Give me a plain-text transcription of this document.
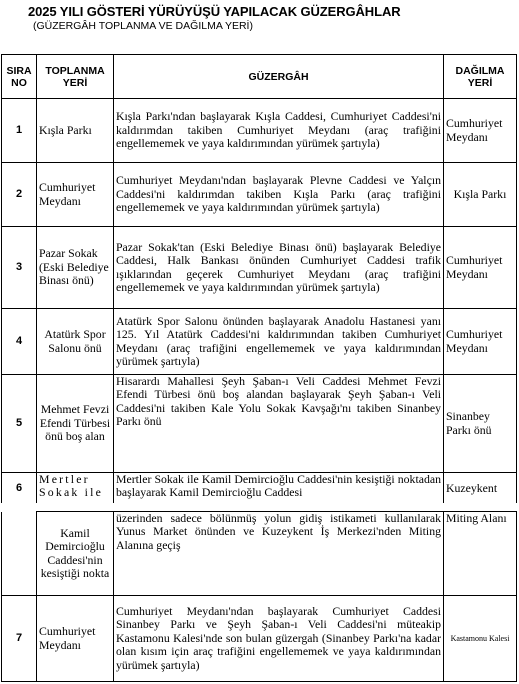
2025 YILI GÖSTERİ YÜRÜYÜŞÜ YAPILACAK GÜZERGÂHLAR
(GÜZERGÂH TOPLANMA VE DAĞILMA YERİ)
SIRA NO	TOPLANMA YERİ	GÜZERGÂH	DAĞILMA YERİ
1	Kışla Parkı	Kışla Parkı'ndan başlayarak Kışla Caddesi, Cumhuriyet Caddesi'ni kaldırımdan takiben Cumhuriyet Meydanı (araç trafiğini engellememek ve yaya kaldırımından yürümek şartıyla)	Cumhuriyet Meydanı
2	Cumhuriyet Meydanı	Cumhuriyet Meydanı'ndan başlayarak Plevne Caddesi ve Yalçın Caddesi'ni kaldırımdan takiben Kışla Parkı (araç trafiğini engellememek ve yaya kaldırımından yürümek şartıyla)	Kışla Parkı
3	Pazar Sokak (Eski Belediye Binası önü)	Pazar Sokak'tan (Eski Belediye Binası önü) başlayarak Belediye Caddesi, Halk Bankası önünden Cumhuriyet Caddesi trafik ışıklarından geçerek Cumhuriyet Meydanı (araç trafiğini engellememek ve yaya kaldırımından yürümek şartıyla)	Cumhuriyet Meydanı
4	Atatürk Spor Salonu önü	Atatürk Spor Salonu önünden başlayarak Anadolu Hastanesi yanı 125. Yıl Atatürk Caddesi'ni kaldırımından takiben Cumhuriyet Meydanı (araç trafiğini engellememek ve yaya kaldırımından yürümek şartıyla)	Cumhuriyet Meydanı
5	Mehmet Fevzi Efendi Türbesi önü boş alan	Hisarardı Mahallesi Şeyh Şaban-ı Veli Caddesi Mehmet Fevzi Efendi Türbesi önü boş alandan başlayarak Şeyh Şaban-ı Veli Caddesi'ni takiben Kale Yolu Sokak Kavşağı'nı takiben Sinanbey Parkı önü	Sinanbey Parkı önü
6	Mertler Sokak ile	Mertler Sokak ile Kamil Demircioğlu Caddesi'nin kesiştiği noktadan başlayarak Kamil Demircioğlu Caddesi	Kuzeykent
	Kamil Demircioğlu Caddesi'nin kesiştiği nokta	üzerinden sadece bölünmüş yolun gidiş istikameti kullanılarak Yunus Market önünden ve Kuzeykent İş Merkezi'nden Miting Alanına geçiş	Miting Alanı
7	Cumhuriyet Meydanı	Cumhuriyet Meydanı'ndan başlayarak Cumhuriyet Caddesi Sinanbey Parkı ve Şeyh Şaban-ı Veli Caddesi'ni müteakip Kastamonu Kalesi'nde son bulan güzergah (Sinanbey Parkı'na kadar olan kısım için araç trafiğini engellememek ve yaya kaldırımından yürümek şartıyla)	Kastamonu Kalesi
